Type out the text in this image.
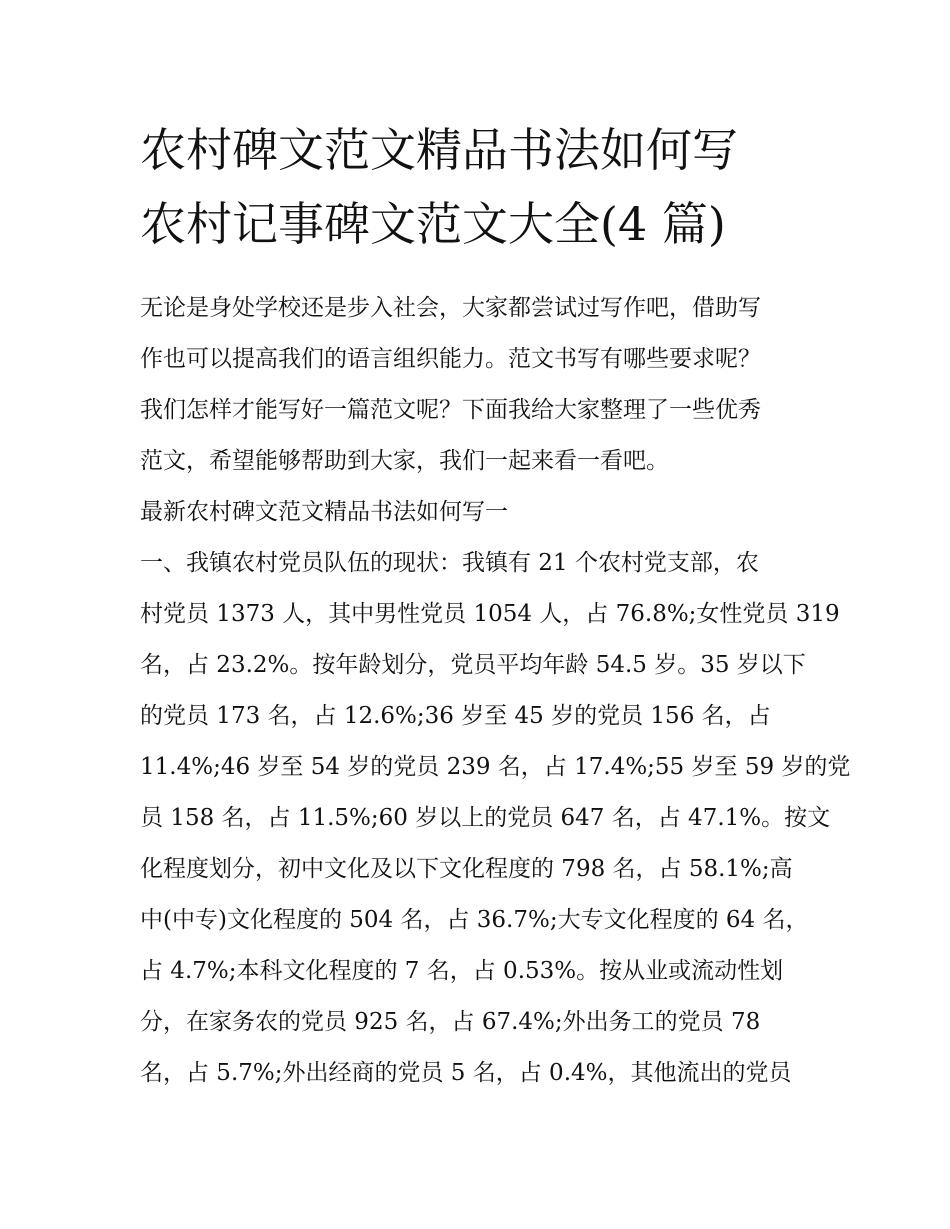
农村碑文范文精品书法如何写
农村记事碑文范文大全(4 篇)
无论是身处学校还是步入社会，大家都尝试过写作吧，借助写
作也可以提高我们的语言组织能力。范文书写有哪些要求呢？
我们怎样才能写好一篇范文呢？下面我给大家整理了一些优秀
范文，希望能够帮助到大家，我们一起来看一看吧。
最新农村碑文范文精品书法如何写一
一、我镇农村党员队伍的现状：我镇有 21 个农村党支部，农
村党员 1373 人，其中男性党员 1054 人，占 76.8%;女性党员 319
名，占 23.2%。按年龄划分，党员平均年龄 54.5 岁。35 岁以下
的党员 173 名，占 12.6%;36 岁至 45 岁的党员 156 名，占
11.4%;46 岁至 54 岁的党员 239 名，占 17.4%;55 岁至 59 岁的党
员 158 名，占 11.5%;60 岁以上的党员 647 名，占 47.1%。按文
化程度划分，初中文化及以下文化程度的 798 名，占 58.1%;高
中(中专)文化程度的 504 名，占 36.7%;大专文化程度的 64 名，
占 4.7%;本科文化程度的 7 名，占 0.53%。按从业或流动性划
分，在家务农的党员 925 名，占 67.4%;外出务工的党员 78
名，占 5.7%;外出经商的党员 5 名，占 0.4%，其他流出的党员
